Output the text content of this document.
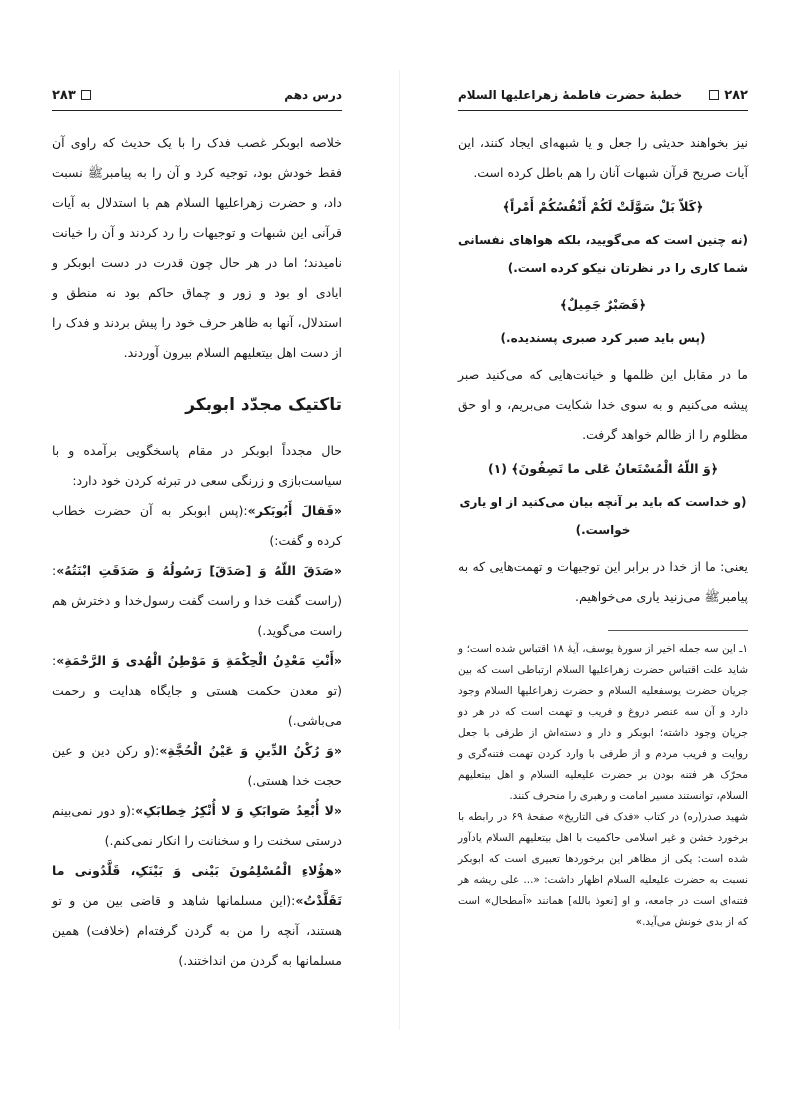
درس دهم
۲۸۳

خلاصه ابوبکر غصب فدک را با یک حدیث که راوی آن فقط خودش بود، توجیه کرد و آن را به پیامبرﷺ نسبت داد، و حضرت زهراعليها السلام هم با استدلال به آیات قرآنی این شبهات و توجیهات را رد کردند و آن را خیانت نامیدند؛ اما در هر حال چون قدرت در دست ابوبکر و ایادی او بود و زور و چماق حاکم بود نه منطق و استدلال، آنها به ظاهر حرف خود را پیش بردند و فدک را از دست اهل بیتعليهم السلام بیرون آوردند.

تاکتیک مجدّد ابوبکر

حال مجدداً ابوبکر در مقام پاسخگویی برآمده و با سیاست‌بازی و زرنگی سعی در تبرئه کردن خود دارد:

«فَقالَ أَبُوبَکر»:(پس ابوبکر به آن حضرت خطاب کرده و گفت:)

«صَدَقَ اللّهُ وَ [صَدَقَ] رَسُولُهُ وَ صَدَقَتِ ابْنَتُهُ»:(راست گفت خدا و راست گفت رسول‌خدا و دخترش هم راست می‌گوید.)

«أَنْتِ مَعْدِنُ الْحِکْمَةِ وَ مَوْطِنُ الْهُدی وَ الرَّحْمَةِ»:(تو معدن حکمت هستی و جایگاه هدایت و رحمت می‌باشی.)

«وَ رُکْنُ الدِّینِ وَ عَیْنُ الْحُجَّةِ»:(و رکن دین و عین حجت خدا هستی.)

«لا أُبْعِدُ صَوابَکِ وَ لا أُنْکِرُ خِطابَکِ»:(و دور نمی‌بینم درستی سخنت را و سخنانت را انکار نمی‌کنم.)

«هؤُلاءِ الْمُسْلِمُونَ بَیْنی وَ بَیْنَکِ، قَلَّدُونی ما تَقَلَّدْتُ»:(این مسلمانها شاهد و قاضی بین من و تو هستند، آنچه را من به گردن گرفته‌ام (خلافت) همین مسلمانها به گردن من انداختند.)

۲۸۲
خطبهٔ حضرت فاطمهٔ زهراعليها السلام

نیز بخواهند حدیثی را جعل و یا شبهه‌ای ایجاد کنند، این آیات صریح قرآن شبهات آنان را هم باطل کرده است.

﴿کَلاّ بَلْ سَوَّلَتْ لَکُمْ أَنْفُسُکُمْ أَمْراً﴾
(نه چنین است که می‌گویید، بلکه هواهای نفسانی شما کاری را در نظرتان نیکو کرده است.)
﴿فَصَبْرٌ جَمِیلٌ﴾
(پس باید صبر کرد صبری پسندیده.)

ما در مقابل این ظلمها و خیانت‌هایی که می‌کنید صبر پیشه می‌کنیم و به سوی خدا شکایت می‌بریم، و او حق مظلوم را از ظالم خواهد گرفت.

﴿وَ اللّهُ الْمُسْتَعانُ عَلی ما تَصِفُونَ﴾ (۱)
(و خداست که باید بر آنچه بیان می‌کنید از او یاری خواست.)

یعنی: ما از خدا در برابر این توجیهات و تهمت‌هایی که به پیامبرﷺ می‌زنید یاری می‌خواهیم.

۱ـ این سه جمله اخیر از سورهٔ یوسف، آیهٔ ۱۸ اقتباس شده است؛ و شاید علت اقتباس حضرت زهراعليها السلام ارتباطی است که بین جریان حضرت یوسفعليه السلام و حضرت زهراعليها السلام وجود دارد و آن سه عنصر دروغ و فریب و تهمت است که در هر دو جریان وجود داشته؛ ابوبکر و دار و دسته‌اش از طرفی با جعل روایت و فریب مردم و از طرفی با وارد کردن تهمت فتنه‌گری و محرّک هر فتنه بودن بر حضرت علیعليه السلام و اهل بیتعليهم السلام، توانستند مسیر امامت و رهبری را منحرف کنند.

شهید صدر(ره) در کتاب «فدک فی التاریخ» صفحهٔ ۶۹ در رابطه با برخورد خشن و غیر اسلامی حاکمیت با اهل بیتعليهم السلام یادآور شده است: یکی از مظاهر این برخوردها تعبیری است که ابوبکر نسبت به حضرت علیعليه السلام اظهار داشت: «... علی ریشه هر فتنه‌ای است در جامعه، و او [نعوذ بالله] همانند «اَمطحال» است که از بدی خونش می‌آید.»
